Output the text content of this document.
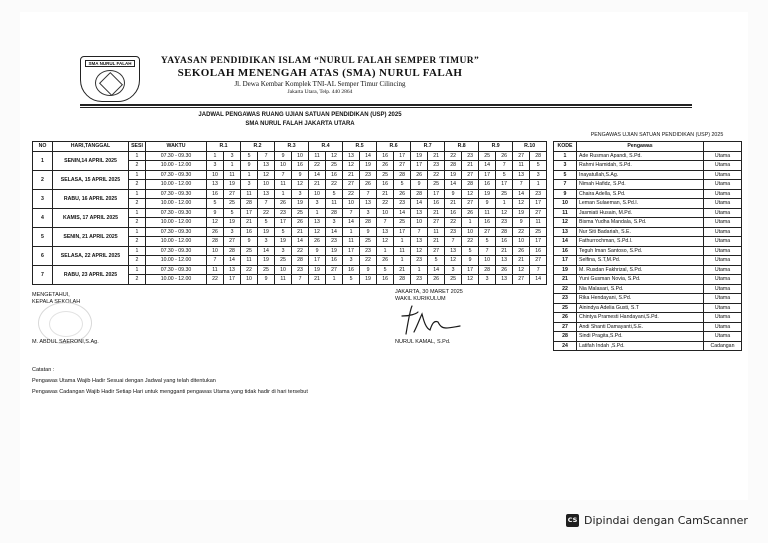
SMA NURUL FALAH	YAYASAN PENDIDIKAN ISLAM “NURUL FALAH SEMPER TIMUR”
SEKOLAH MENENGAH ATAS (SMA) NURUL FALAH
Jl. Dewa Kembar Komplek TNI-AL Semper Timur Cilincing
Jakarta Utara, Telp. 440 2864
JADWAL PENGAWAS RUANG UJIAN SATUAN PENDIDIKAN (USP) 2025
SMA NURUL FALAH JAKARTA UTARA
NO	HARI,TANGGAL	SESI	WAKTU	R.1		R.2		R.3		R.4		R.5		R.6		R.7		R.8		R.9		R.10	
1	SENIN,14 APRIL 2025	1	07.30 - 09.30	1	3	5	7	9	10	11	12	13	14	16	17	19	21	22	23	25	26	27	28
		2	10.00 - 12.00	3	1	9	13	10	16	22	25	12	19	26	27	17	23	28	21	14	7	11	5
2	SELASA, 15 APRIL 2025	1	07.30 - 09.30	10	11	1	12	7	9	14	16	21	23	25	28	26	22	19	27	17	5	13	3
		2	10.00 - 12.00	13	19	3	10	11	12	21	22	27	26	16	5	9	25	14	28	16	17	7	1
3	RABU, 16 APRIL 2025	1	07.30 - 09.30	16	27	11	13	1	3	10	5	22	7	21	26	28	17	9	12	19	25	14	23
		2	10.00 - 12.00	5	25	28	7	26	19	3	11	10	13	22	23	14	16	21	27	9	1	12	17
4	KAMIS, 17 APRIL 2025	1	07.30 - 09.30	9	5	17	22	23	25	1	28	7	3	10	14	13	21	16	26	11	12	19	27
		2	10.00 - 12.00	12	19	21	5	17	26	13	3	14	28	7	25	10	27	22	1	16	23	9	11
5	SENIN, 21 APRIL 2025	1	07.30 - 09.30	26	3	16	19	5	21	12	14	1	9	13	17	7	11	23	10	27	28	22	25
		2	10.00 - 12.00	28	27	9	3	19	14	26	23	11	25	12	1	13	21	7	22	5	16	10	17
6	SELASA, 22 APRIL 2025	1	07.30 - 09.30	10	28	25	14	3	22	9	19	17	23	1	11	12	27	13	5	7	21	26	16
		2	10.00 - 12.00	7	14	11	19	25	28	17	16	3	22	26	1	23	5	12	9	10	13	21	27
7	RABU, 23 APRIL 2025	1	07.30 - 09.30	11	13	22	25	10	23	19	27	16	9	5	21	1	14	3	17	28	26	12	7
		2	10.00 - 12.00	22	17	10	9	11	7	21	1	5	19	16	28	23	26	25	12	3	13	27	14
PENGAWAS UJIAN SATUAN PENDIDIKAN (USP) 2025
KODE	Pengawas	
1	Ade Rusman Apandi, S.Pd.	Utama
3	Rahmi Hamidah, S.Pd.	Utama
5	Inayatullah,S.Ag.	Utama
7	Nimah Hafidz, S.Pd.	Utama
9	Chaira Adella, S.Pd.	Utama
10	Leman Sulaeman, S.Pd.I.	Utama
11	Jasmiati Husain, M.Pd.	Utama
12	Bisma Yudha Mandala, S.Pd.	Utama
13	Nur Siti Badariah, S.E.	Utama
14	Fathurrochman, S.Pd.I.	Utama
16	Teguh Iman Santoso, S.Pd.	Utama
17	Selfina, S.T,M.Pd.	Utama
19	M. Rusdan Fakhrizal, S.Pd.	Utama
21	Yuni Gusman Novia, S.Pd.	Utama
22	Nia Malasari, S.Pd.	Utama
23	Rika Hendayani, S.Pd.	Utama
25	Ainindya Adelia Gusti, S.T	Utama
26	Chintya Pramesti Handayani,S.Pd.	Utama
27	Andi Shanti Damayanti,S.E.	Utama
28	Sindi Pragita,S.Pd.	Utama
24	Latifah Indah ,S.Pd.	Cadangan
MENGETAHUI,
KEPALA SEKOLAH
M. ABDUL SAERONI,S.Ag.
JAKARTA, 30 MARET 2025
WAKIL KURIKULUM
NURUL KAMAL, S.Pd.
Catatan :
Pengawas Utama Wajib Hadir Sesuai dengan Jadwal yang telah ditentukan
Pengawas Cadangan Wajib Hadir Setiap Hari untuk mengganti pengawas Utama yang tidak hadir di hari tersebut
CS Dipindai dengan CamScanner
